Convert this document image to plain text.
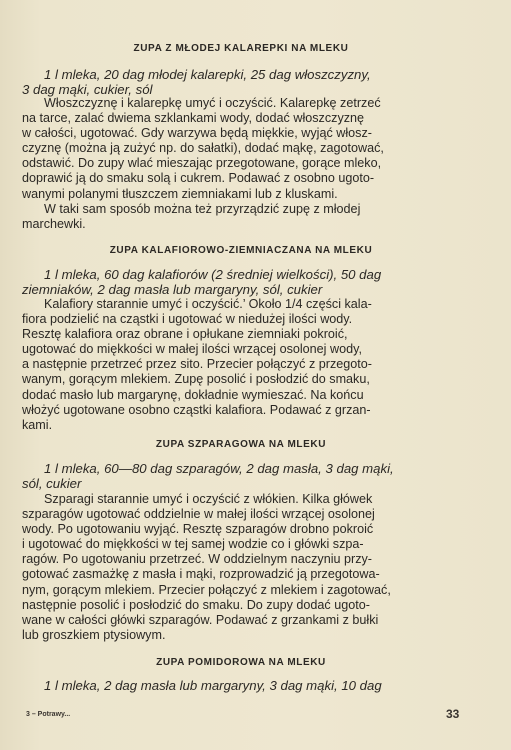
ZUPA Z MŁODEJ KALAREPKI NA MLEKU
1 l mleka, 20 dag młodej kalarepki, 25 dag włoszczyzny,
3 dag mąki, cukier, sól
Włoszczyznę i kalarepkę umyć i oczyścić. Kalarepkę zetrzeć
na tarce, zalać dwiema szklankami wody, dodać włoszczyznę
w całości, ugotować. Gdy warzywa będą miękkie, wyjąć włosz-
czyznę (można ją zużyć np. do sałatki), dodać mąkę, zagotować,
odstawić. Do zupy wlać mieszając przegotowane, gorące mleko,
doprawić ją do smaku solą i cukrem. Podawać z osobno ugoto-
wanymi polanymi tłuszczem ziemniakami lub z kluskami.
W taki sam sposób można też przyrządzić zupę z młodej
marchewki.
ZUPA KALAFIOROWO-ZIEMNIACZANA NA MLEKU
1 l mleka, 60 dag kalafiorów (2 średniej wielkości), 50 dag
ziemniaków, 2 dag masła lub margaryny, sól, cukier
Kalafiory starannie umyć i oczyścić.’ Około 1/4 części kala-
fiora podzielić na cząstki i ugotować w niedużej ilości wody.
Resztę kalafiora oraz obrane i opłukane ziemniaki pokroić,
ugotować do miękkości w małej ilości wrzącej osolonej wody,
a następnie przetrzeć przez sito. Przecier połączyć z przegoto-
wanym, gorącym mlekiem. Zupę posolić i posłodzić do smaku,
dodać masło lub margarynę, dokładnie wymieszać. Na końcu
włożyć ugotowane osobno cząstki kalafiora. Podawać z grzan-
kami.
ZUPA SZPARAGOWA NA MLEKU
1 l mleka, 60—80 dag szparagów, 2 dag masła, 3 dag mąki,
sól, cukier
Szparagi starannie umyć i oczyścić z włókien. Kilka główek
szparagów ugotować oddzielnie w małej ilości wrzącej osolonej
wody. Po ugotowaniu wyjąć. Resztę szparagów drobno pokroić
i ugotować do miękkości w tej samej wodzie co i główki szpa-
ragów. Po ugotowaniu przetrzeć. W oddzielnym naczyniu przy-
gotować zasmażkę z masła i mąki, rozprowadzić ją przegotowa-
nym, gorącym mlekiem. Przecier połączyć z mlekiem i zagotować,
następnie posolić i posłodzić do smaku. Do zupy dodać ugoto-
wane w całości główki szparagów. Podawać z grzankami z bułki
lub groszkiem ptysiowym.
ZUPA POMIDOROWA NA MLEKU
1 l mleka, 2 dag masła lub margaryny, 3 dag mąki, 10 dag
3 – Potrawy...	33
